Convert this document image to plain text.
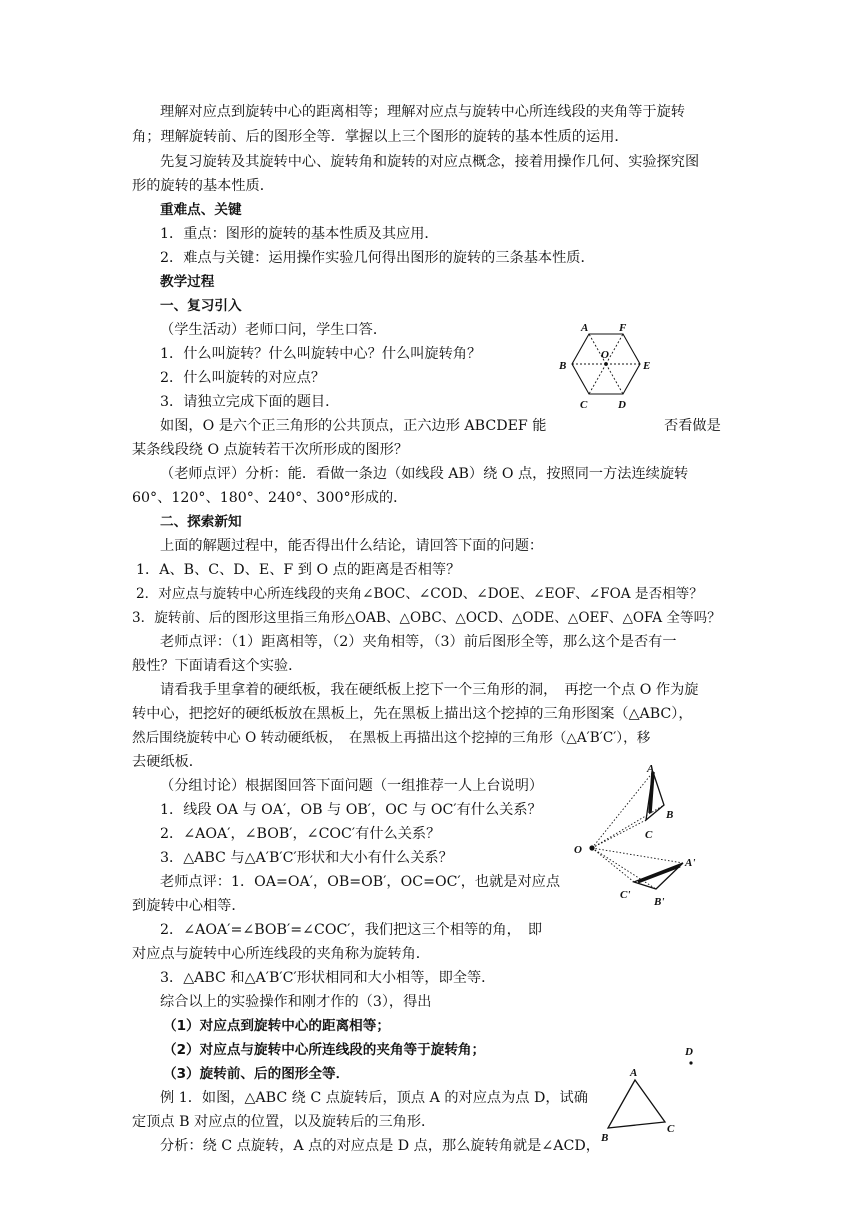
理解对应点到旋转中心的距离相等；理解对应点与旋转中心所连线段的夹角等于旋转
角；理解旋转前、后的图形全等．掌握以上三个图形的旋转的基本性质的运用．
先复习旋转及其旋转中心、旋转角和旋转的对应点概念，接着用操作几何、实验探究图
形的旋转的基本性质．
重难点、关键
1．重点：图形的旋转的基本性质及其应用．
2．难点与关键：运用操作实验几何得出图形的旋转的三条基本性质．
教学过程
一、复习引入
（学生活动）老师口问，学生口答．
1．什么叫旋转？什么叫旋转中心？什么叫旋转角？
2．什么叫旋转的对应点？
3．请独立完成下面的题目．
如图，O 是六个正三角形的公共顶点，正六边形 ABCDEF 能	否看做是
某条线段绕 O 点旋转若干次所形成的图形？
（老师点评）分析：能．看做一条边（如线段 AB）绕 O 点，按照同一方法连续旋转
60°、120°、180°、240°、300°形成的．
二、探索新知
上面的解题过程中，能否得出什么结论，请回答下面的问题：
1．A、B、C、D、E、F 到 O 点的距离是否相等？
2．对应点与旋转中心所连线段的夹角∠BOC、∠COD、∠DOE、∠EOF、∠FOA 是否相等？
3．旋转前、后的图形这里指三角形△OAB、△OBC、△OCD、△ODE、△OEF、△OFA 全等吗？
老师点评：（1）距离相等，（2）夹角相等，（3）前后图形全等，那么这个是否有一
般性？下面请看这个实验．
请看我手里拿着的硬纸板，我在硬纸板上挖下一个三角形的洞，　再挖一个点 O 作为旋
转中心，把挖好的硬纸板放在黑板上，先在黑板上描出这个挖掉的三角形图案（△ABC），
然后围绕旋转中心 O 转动硬纸板，　在黑板上再描出这个挖掉的三角形（△A′B′C′），移
去硬纸板．
（分组讨论）根据图回答下面问题（一组推荐一人上台说明）
1．线段 OA 与 OA′，OB 与 OB′，OC 与 OC′有什么关系？
2．∠AOA′，∠BOB′，∠COC′有什么关系？
3．△ABC 与△A′B′C′形状和大小有什么关系？
老师点评：1．OA=OA′，OB=OB′，OC=OC′，也就是对应点
到旋转中心相等．
2．∠AOA′=∠BOB′=∠COC′，我们把这三个相等的角，　即
对应点与旋转中心所连线段的夹角称为旋转角．
3．△ABC 和△A′B′C′形状相同和大小相等，即全等．
综合以上的实验操作和刚才作的（3），得出
（1）对应点到旋转中心的距离相等；
（2）对应点与旋转中心所连线段的夹角等于旋转角；
（3）旋转前、后的图形全等．
例 1．如图，△ABC 绕 C 点旋转后，顶点 A 的对应点为点 D，试确
定顶点 B 对应点的位置，以及旋转后的三角形．
分析：绕 C 点旋转，A 点的对应点是 D 点，那么旋转角就是∠ACD，
A	F
B	E
C	D
O
A
B
C
O
A'
B'
C'
D
A
B
C
